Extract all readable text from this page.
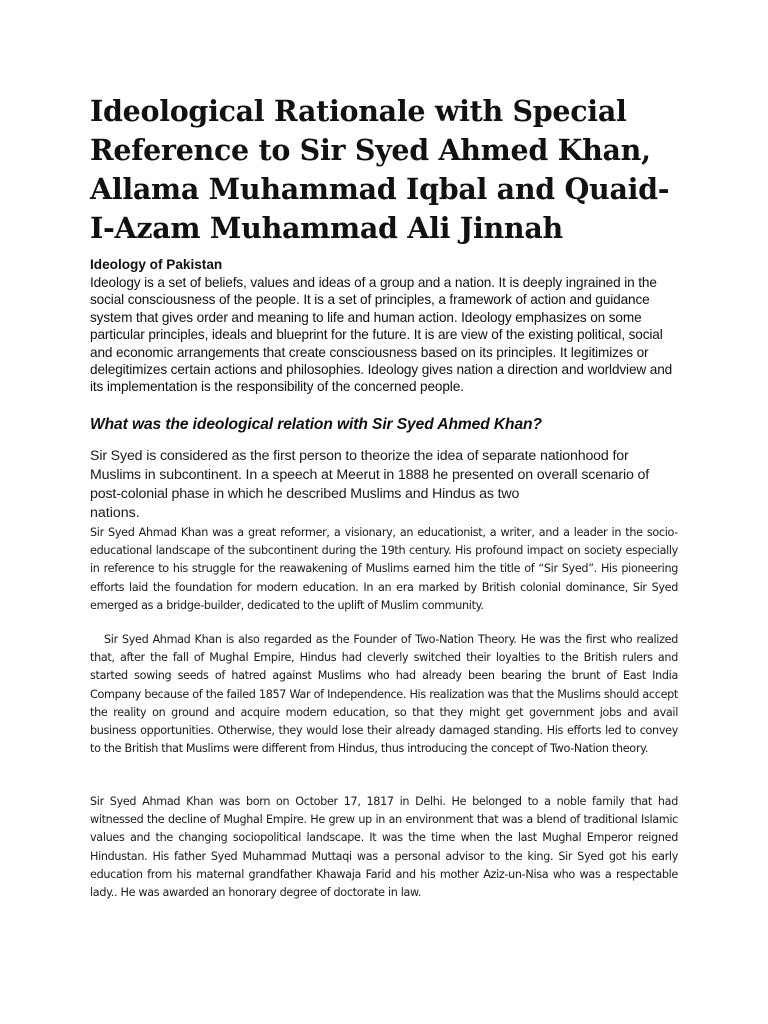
Ideological Rationale with Special Reference to Sir Syed Ahmed Khan, Allama Muhammad Iqbal and Quaid-I-Azam Muhammad Ali Jinnah
Ideology of Pakistan

Ideology is a set of beliefs, values and ideas of a group and a nation. It is deeply ingrained in the social consciousness of the people. It is a set of principles, a framework of action and guidance system that gives order and meaning to life and human action. Ideology emphasizes on some particular principles, ideals and blueprint for the future. It is are view of the existing political, social and economic arrangements that create consciousness based on its principles. It legitimizes or delegitimizes certain actions and philosophies. Ideology gives nation a direction and worldview and its implementation is the responsibility of the concerned people.

What was the ideological relation with Sir Syed Ahmed Khan?

Sir Syed is considered as the first person to theorize the idea of separate nationhood for Muslims in subcontinent. In a speech at Meerut in 1888 he presented on overall scenario of post-colonial phase in which he described Muslims and Hindus as two

nations.

Sir Syed Ahmad Khan was a great reformer, a visionary, an educationist, a writer, and a leader in the socio-educational landscape of the subcontinent during the 19th century. His profound impact on society especially in reference to his struggle for the reawakening of Muslims earned him the title of “Sir Syed”. His pioneering efforts laid the foundation for modern education. In an era marked by British colonial dominance, Sir Syed emerged as a bridge-builder, dedicated to the uplift of Muslim community.

Sir Syed Ahmad Khan is also regarded as the Founder of Two-Nation Theory. He was the first who realized that, after the fall of Mughal Empire, Hindus had cleverly switched their loyalties to the British rulers and started sowing seeds of hatred against Muslims who had already been bearing the brunt of East India Company because of the failed 1857 War of Independence. His realization was that the Muslims should accept the reality on ground and acquire modern education, so that they might get government jobs and avail business opportunities. Otherwise, they would lose their already damaged standing. His efforts led to convey to the British that Muslims were different from Hindus, thus introducing the concept of Two-Nation theory.

Sir Syed Ahmad Khan was born on October 17, 1817 in Delhi. He belonged to a noble family that had witnessed the decline of Mughal Empire. He grew up in an environment that was a blend of traditional Islamic values and the changing sociopolitical landscape. It was the time when the last Mughal Emperor reigned Hindustan. His father Syed Muhammad Muttaqi was a personal advisor to the king. Sir Syed got his early education from his maternal grandfather Khawaja Farid and his mother Aziz-un-Nisa who was a respectable lady.. He was awarded an honorary degree of doctorate in law.
